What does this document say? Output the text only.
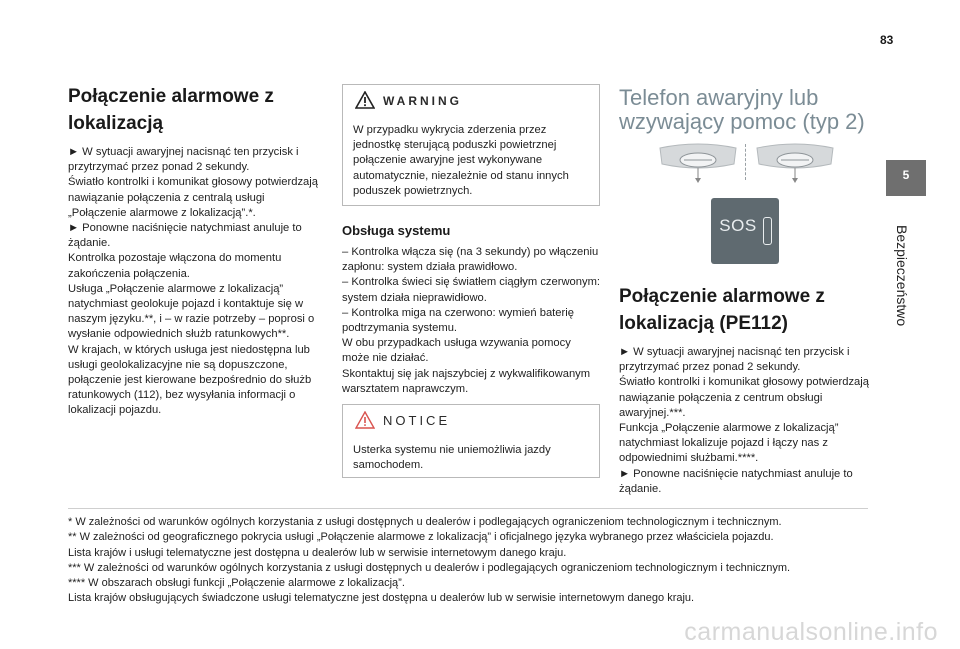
83
5
Bezpieczeństwo
Połączenie alarmowe z lokalizacją

► W sytuacji awaryjnej nacisnąć ten przycisk i przytrzymać przez ponad 2 sekundy.

Światło kontrolki i komunikat głosowy potwierdzają nawiązanie połączenia z centralą usługi „Połączenie alarmowe z lokalizacją”.*.

► Ponowne naciśnięcie natychmiast anuluje to żądanie.

Kontrolka pozostaje włączona do momentu zakończenia połączenia.

Usługa „Połączenie alarmowe z lokalizacją” natychmiast geolokuje pojazd i kontaktuje się w naszym języku.**, i – w razie potrzeby – poprosi o wysłanie odpowiednich służb ratunkowych**.

W krajach, w których usługa jest niedostępna lub usługi geolokalizacyjne nie są dopuszczone, połączenie jest kierowane bezpośrednio do służb ratunkowych (112), bez wysyłania informacji o lokalizacji pojazdu.

WARNING
W przypadku wykrycia zderzenia przez jednostkę sterującą poduszki powietrznej połączenie awaryjne jest wykonywane automatycznie, niezależnie od stanu innych poduszek powietrznych.
Obsługa systemu

– Kontrolka włącza się (na 3 sekundy) po włączeniu zapłonu: system działa prawidłowo.

– Kontrolka świeci się światłem ciągłym czerwonym: system działa nieprawidłowo.

– Kontrolka miga na czerwono: wymień baterię podtrzymania systemu.

W obu przypadkach usługa wzywania pomocy może nie działać.

Skontaktuj się jak najszybciej z wykwalifikowanym warsztatem naprawczym.

NOTICE
Usterka systemu nie uniemożliwia jazdy samochodem.
Telefon awaryjny lub wzywający pomoc (typ 2)
SOS
Połączenie alarmowe z lokalizacją (PE112)

► W sytuacji awaryjnej nacisnąć ten przycisk i przytrzymać przez ponad 2 sekundy.

Światło kontrolki i komunikat głosowy potwierdzają nawiązanie połączenia z centrum obsługi awaryjnej.***.

Funkcja „Połączenie alarmowe z lokalizacją” natychmiast lokalizuje pojazd i łączy nas z odpowiednimi służbami.****.

► Ponowne naciśnięcie natychmiast anuluje to żądanie.

* W zależności od warunków ogólnych korzystania z usługi dostępnych u dealerów i podlegających ograniczeniom technologicznym i technicznym.

** W zależności od geograficznego pokrycia usługi „Połączenie alarmowe z lokalizacją” i oficjalnego języka wybranego przez właściciela pojazdu.

Lista krajów i usługi telematyczne jest dostępna u dealerów lub w serwisie internetowym danego kraju.

*** W zależności od warunków ogólnych korzystania z usługi dostępnych u dealerów i podlegających ograniczeniom technologicznym i technicznym.

**** W obszarach obsługi funkcji „Połączenie alarmowe z lokalizacją”.

Lista krajów obsługujących świadczone usługi telematyczne jest dostępna u dealerów lub w serwisie internetowym danego kraju.

carmanualsonline.info
